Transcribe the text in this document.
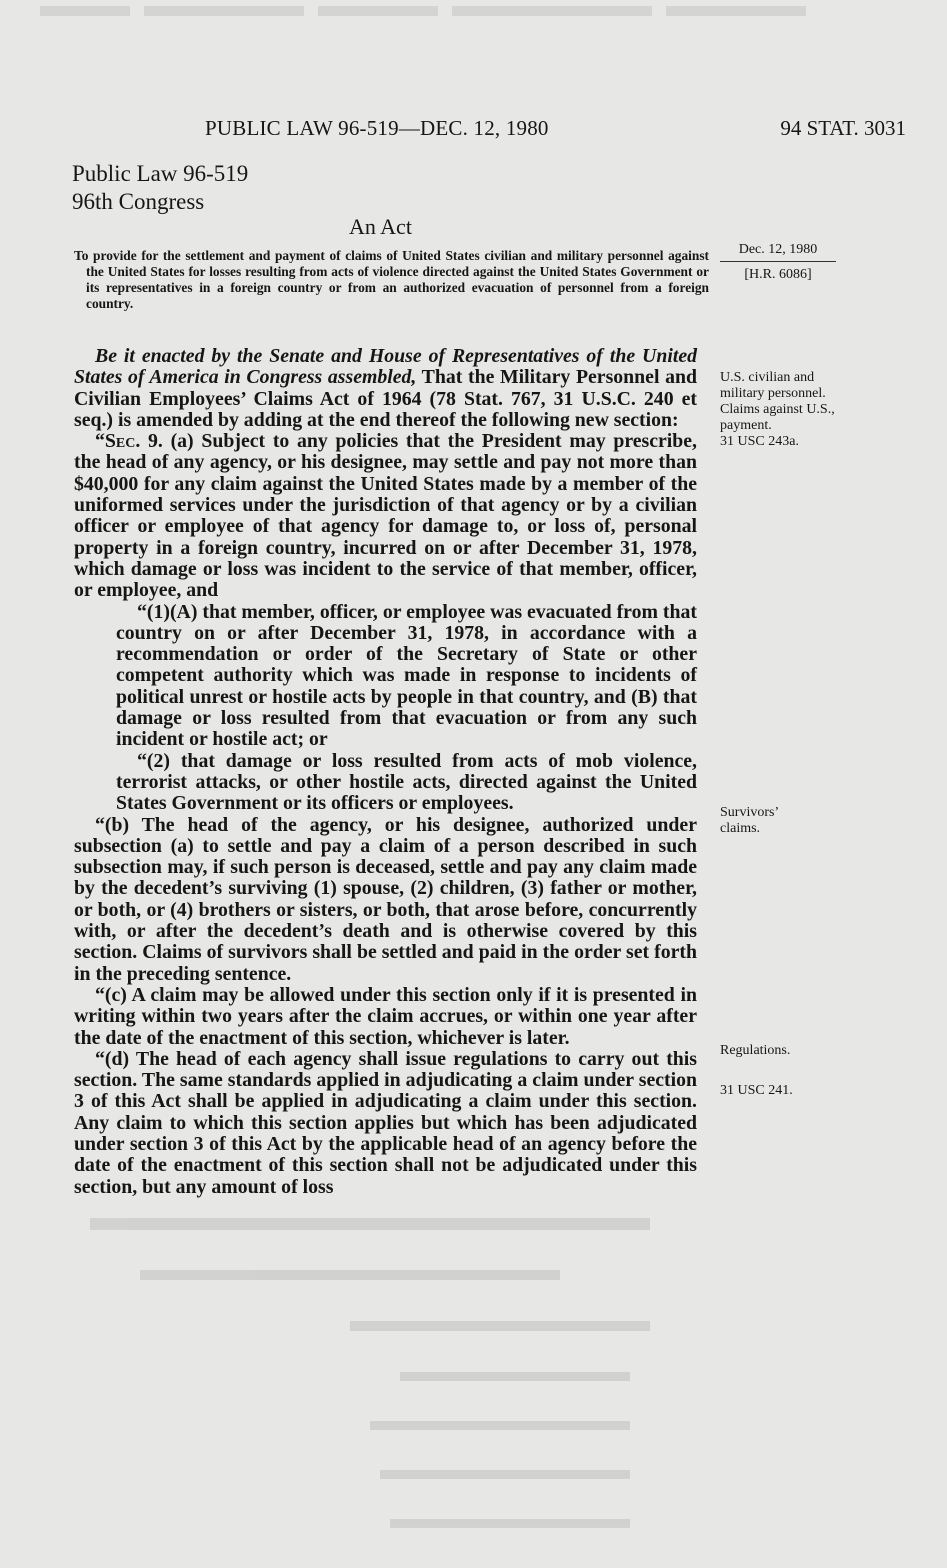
PUBLIC LAW 96-519—DEC. 12, 1980	94 STAT. 3031
Public Law 96-519
96th Congress
An Act
To provide for the settlement and payment of claims of United States civilian and military personnel against the United States for losses resulting from acts of violence directed against the United States Government or its representatives in a foreign country or from an authorized evacuation of personnel from a foreign country.
Dec. 12, 1980
[H.R. 6086]
U.S. civilian and military personnel. Claims against U.S., payment.
31 USC 243a.
Survivors’ claims.
Regulations.
31 USC 241.

Be it enacted by the Senate and House of Representatives of the United States of America in Congress assembled, That the Military Personnel and Civilian Employees’ Claims Act of 1964 (78 Stat. 767, 31 U.S.C. 240 et seq.) is amended by adding at the end thereof the following new section:

“Sec. 9. (a) Subject to any policies that the President may prescribe, the head of any agency, or his designee, may settle and pay not more than $40,000 for any claim against the United States made by a member of the uniformed services under the jurisdiction of that agency or by a civilian officer or employee of that agency for damage to, or loss of, personal property in a foreign country, incurred on or after December 31, 1978, which damage or loss was incident to the service of that member, officer, or employee, and

“(1)(A) that member, officer, or employee was evacuated from that country on or after December 31, 1978, in accordance with a recommendation or order of the Secretary of State or other competent authority which was made in response to incidents of political unrest or hostile acts by people in that country, and (B) that damage or loss resulted from that evacuation or from any such incident or hostile act; or

“(2) that damage or loss resulted from acts of mob violence, terrorist attacks, or other hostile acts, directed against the United States Government or its officers or employees.

“(b) The head of the agency, or his designee, authorized under subsection (a) to settle and pay a claim of a person described in such subsection may, if such person is deceased, settle and pay any claim made by the decedent’s surviving (1) spouse, (2) children, (3) father or mother, or both, or (4) brothers or sisters, or both, that arose before, concurrently with, or after the decedent’s death and is otherwise covered by this section. Claims of survivors shall be settled and paid in the order set forth in the preceding sentence.

“(c) A claim may be allowed under this section only if it is presented in writing within two years after the claim accrues, or within one year after the date of the enactment of this section, whichever is later.

“(d) The head of each agency shall issue regulations to carry out this section. The same standards applied in adjudicating a claim under section 3 of this Act shall be applied in adjudicating a claim under this section. Any claim to which this section applies but which has been adjudicated under section 3 of this Act by the applicable head of an agency before the date of the enactment of this section shall not be adjudicated under this section, but any amount of loss
